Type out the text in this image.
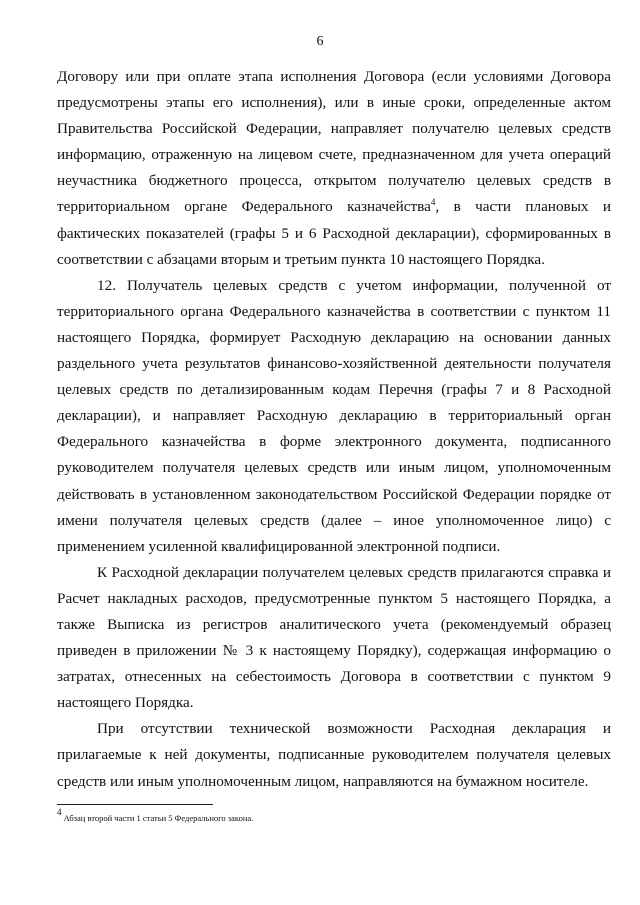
6
Договору или при оплате этапа исполнения Договора (если условиями Договора
предусмотрены этапы его исполнения), или в иные сроки, определенные актом
Правительства Российской Федерации, направляет получателю целевых средств
информацию, отраженную на лицевом счете, предназначенном для учета операций
неучастника бюджетного процесса, открытом получателю целевых средств в
территориальном органе Федерального казначейства$^4$, в части плановых и
фактических показателей (графы 5 и 6 Расходной декларации), сформированных в
соответствии с абзацами вторым и третьим пункта 10 настоящего Порядка.
12. Получатель целевых средств с учетом информации, полученной от
территориального органа Федерального казначейства в соответствии с пунктом 11
настоящего Порядка, формирует Расходную декларацию на основании данных
раздельного учета результатов финансово-хозяйственной деятельности получателя
целевых средств по детализированным кодам Перечня (графы 7 и 8 Расходной
декларации), и направляет Расходную декларацию в территориальный орган
Федерального казначейства в форме электронного документа, подписанного
руководителем получателя целевых средств или иным лицом, уполномоченным
действовать в установленном законодательством Российской Федерации порядке от
имени получателя целевых средств (далее – иное уполномоченное лицо) с
применением усиленной квалифицированной электронной подписи.
К Расходной декларации получателем целевых средств прилагаются справка и
Расчет накладных расходов, предусмотренные пунктом 5 настоящего Порядка, а
также Выписка из регистров аналитического учета (рекомендуемый образец
приведен в приложении № 3 к настоящему Порядку), содержащая информацию о
затратах, отнесенных на себестоимость Договора в соответствии с пунктом 9
настоящего Порядка.
При отсутствии технической возможности Расходная декларация и
прилагаемые к ней документы, подписанные руководителем получателя целевых
средств или иным уполномоченным лицом, направляются на бумажном носителе.
$^4$ Абзац второй части 1 статьи 5 Федерального закона.
